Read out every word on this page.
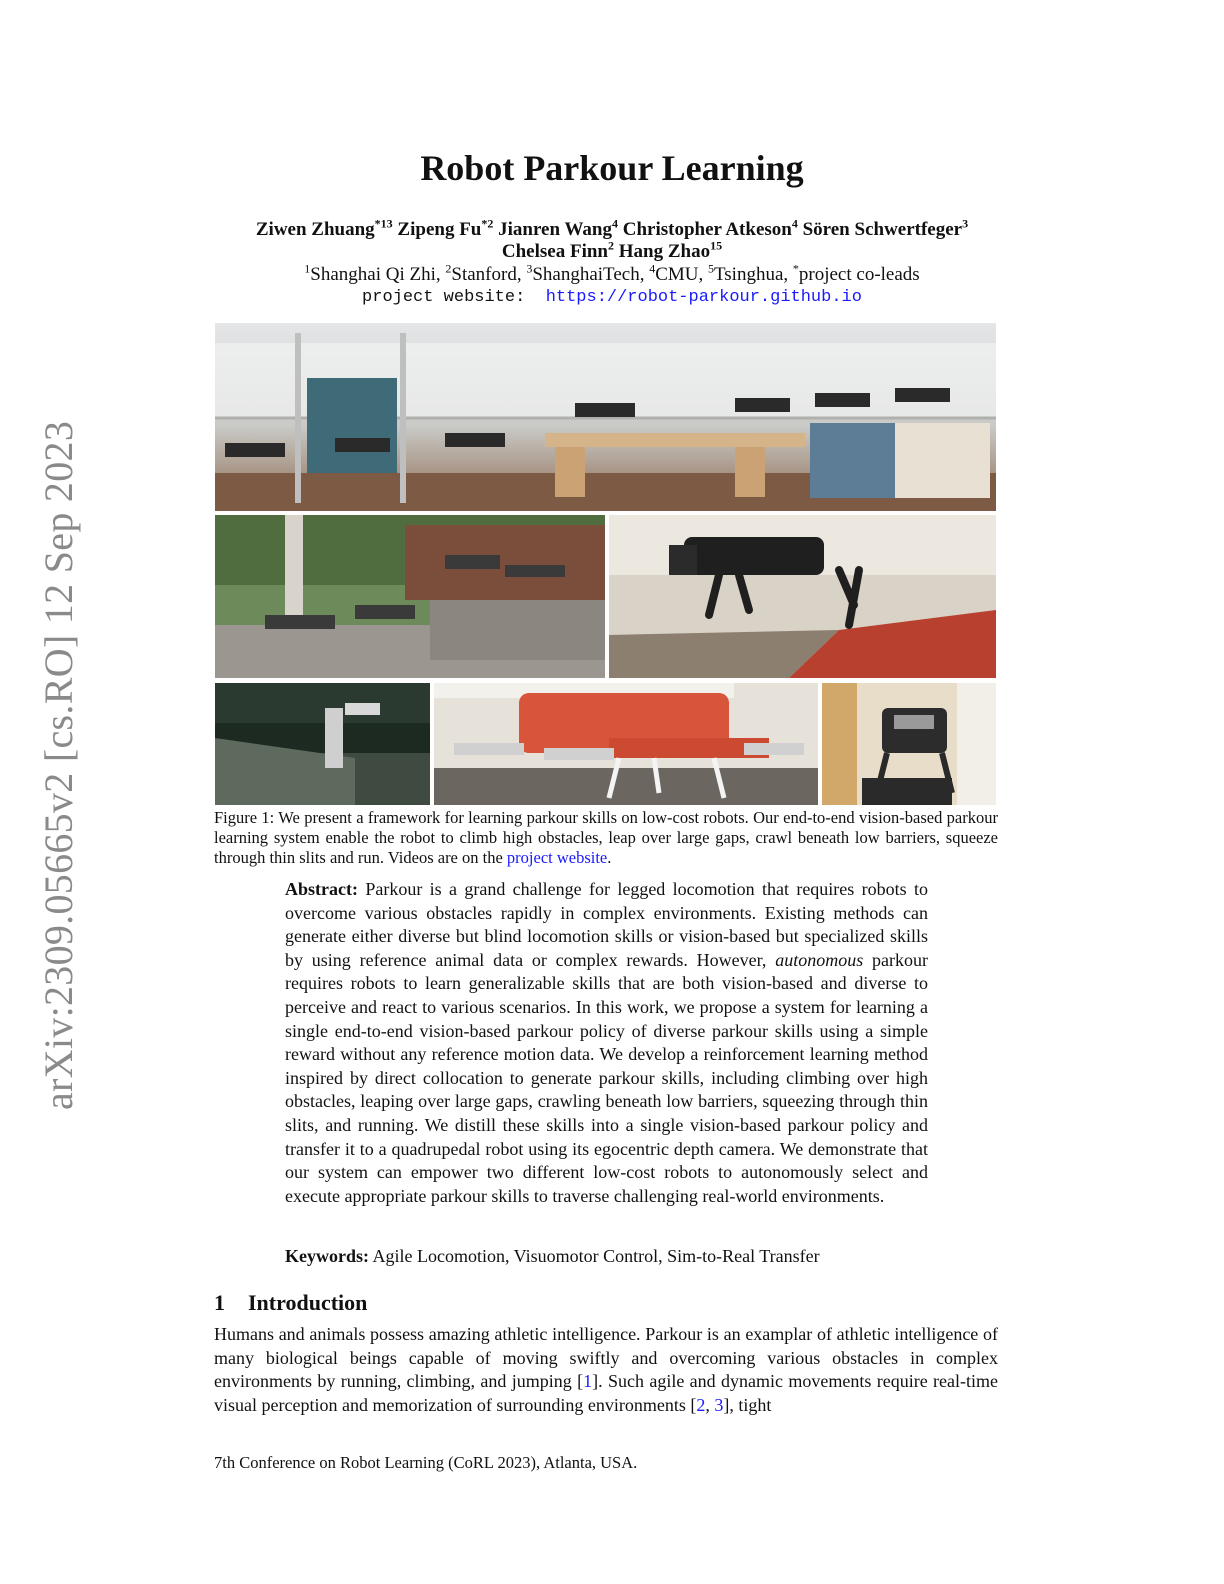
arXiv:2309.05665v2 [cs.RO] 12 Sep 2023
Robot Parkour Learning
Ziwen Zhuang$^{*13}$ Zipeng Fu$^{*2}$ Jianren Wang$^4$ Christopher Atkeson$^4$ Sören Schwertfeger$^3$
Chelsea Finn$^2$ Hang Zhao$^{15}$
$^1$Shanghai Qi Zhi, $^2$Stanford, $^3$ShanghaiTech, $^4$CMU, $^5$Tsinghua, *project co-leads
project website: https://robot-parkour.github.io
Figure 1: We present a framework for learning parkour skills on low-cost robots. Our end-to-end vision-based parkour learning system enable the robot to climb high obstacles, leap over large gaps, crawl beneath low barriers, squeeze through thin slits and run. Videos are on the project website.
Abstract: Parkour is a grand challenge for legged locomotion that requires robots to overcome various obstacles rapidly in complex environments. Existing methods can generate either diverse but blind locomotion skills or vision-based but specialized skills by using reference animal data or complex rewards. However, autonomous parkour requires robots to learn generalizable skills that are both vision-based and diverse to perceive and react to various scenarios. In this work, we propose a system for learning a single end-to-end vision-based parkour policy of diverse parkour skills using a simple reward without any reference motion data. We develop a reinforcement learning method inspired by direct collocation to generate parkour skills, including climbing over high obstacles, leaping over large gaps, crawling beneath low barriers, squeezing through thin slits, and running. We distill these skills into a single vision-based parkour policy and transfer it to a quadrupedal robot using its egocentric depth camera. We demonstrate that our system can empower two different low-cost robots to autonomously select and execute appropriate parkour skills to traverse challenging real-world environments.
Keywords: Agile Locomotion, Visuomotor Control, Sim-to-Real Transfer
1 Introduction
Humans and animals possess amazing athletic intelligence. Parkour is an examplar of athletic intelligence of many biological beings capable of moving swiftly and overcoming various obstacles in complex environments by running, climbing, and jumping [1]. Such agile and dynamic movements require real-time visual perception and memorization of surrounding environments [2, 3], tight
7th Conference on Robot Learning (CoRL 2023), Atlanta, USA.
